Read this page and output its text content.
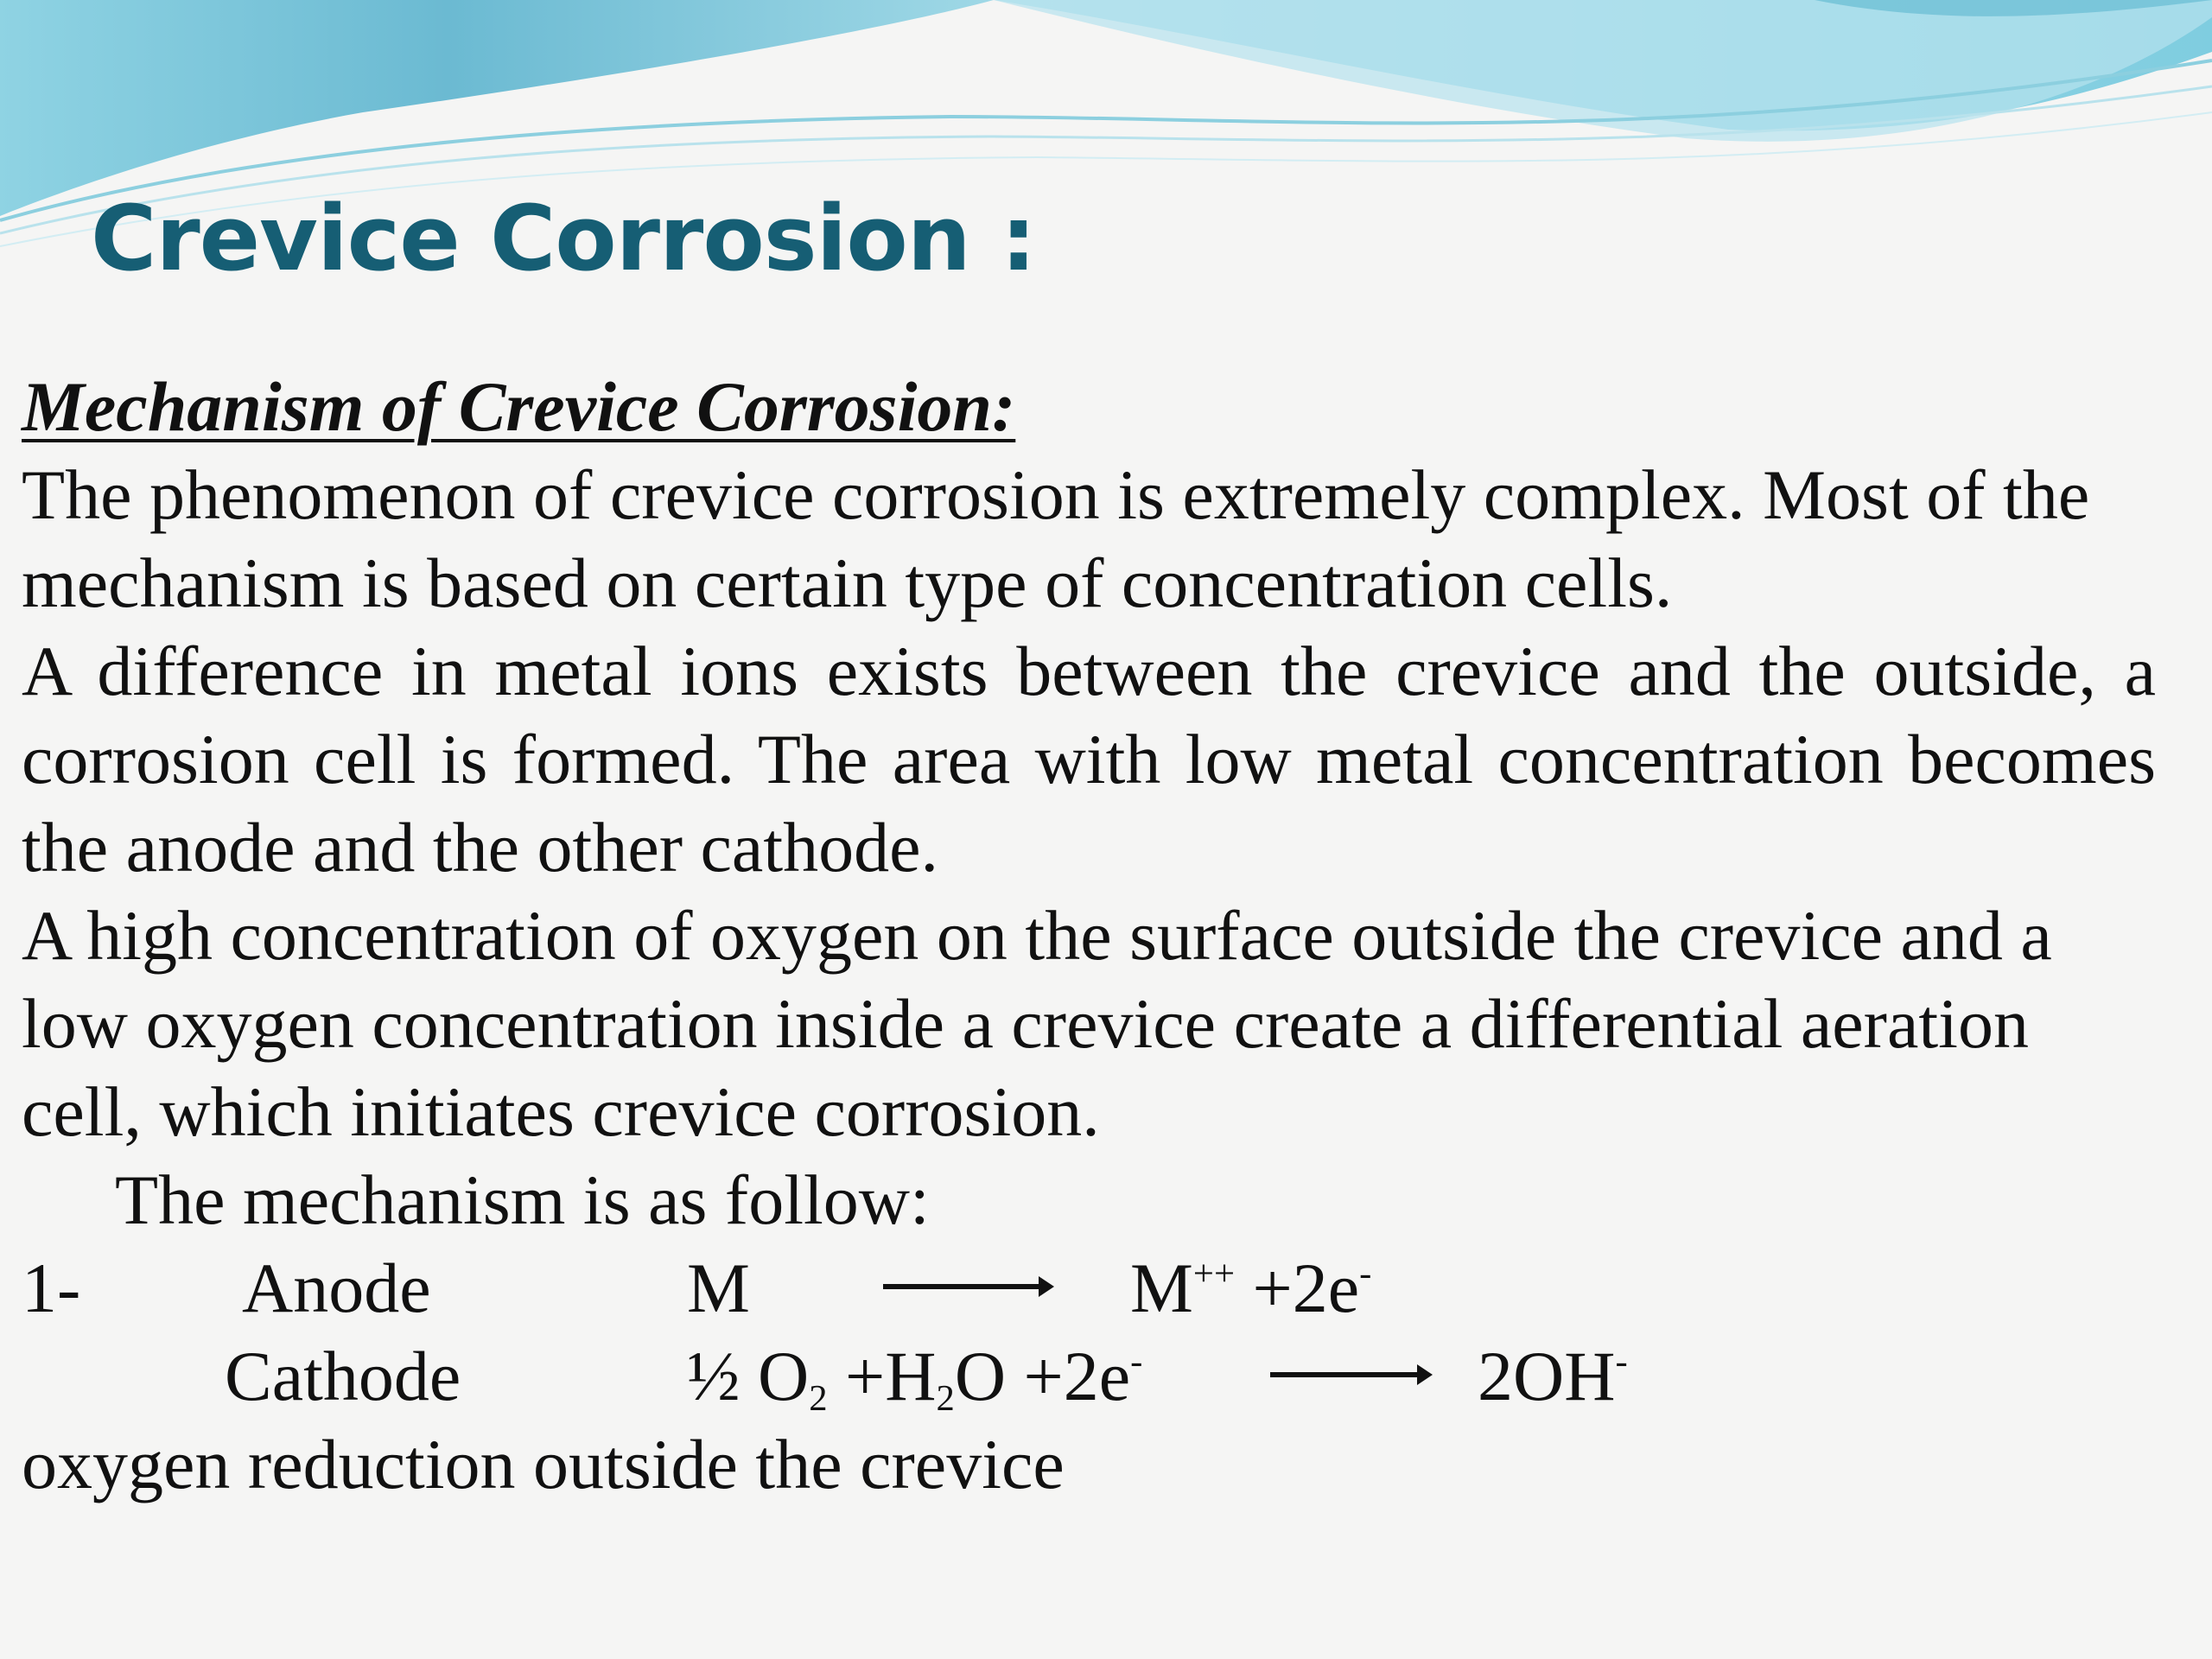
Crevice Corrosion :
Mechanism of Crevice Corrosion:

The phenomenon of crevice corrosion is extremely complex. Most of the mechanism is based on certain type of concentration cells.

A difference in metal ions exists between the crevice and the outside, a corrosion cell is formed. The area with low metal concentration becomes the anode and the other cathode.

A high concentration of oxygen on the surface outside the crevice and a low oxygen concentration inside a crevice create a differential aeration cell, which initiates crevice corrosion.

The mechanism is as follow:
1- Anode	M → M++ +2e-
Cathode	½ $O_2 +H_2O +2e^- \to 2OH^-$
oxygen reduction outside the crevice
